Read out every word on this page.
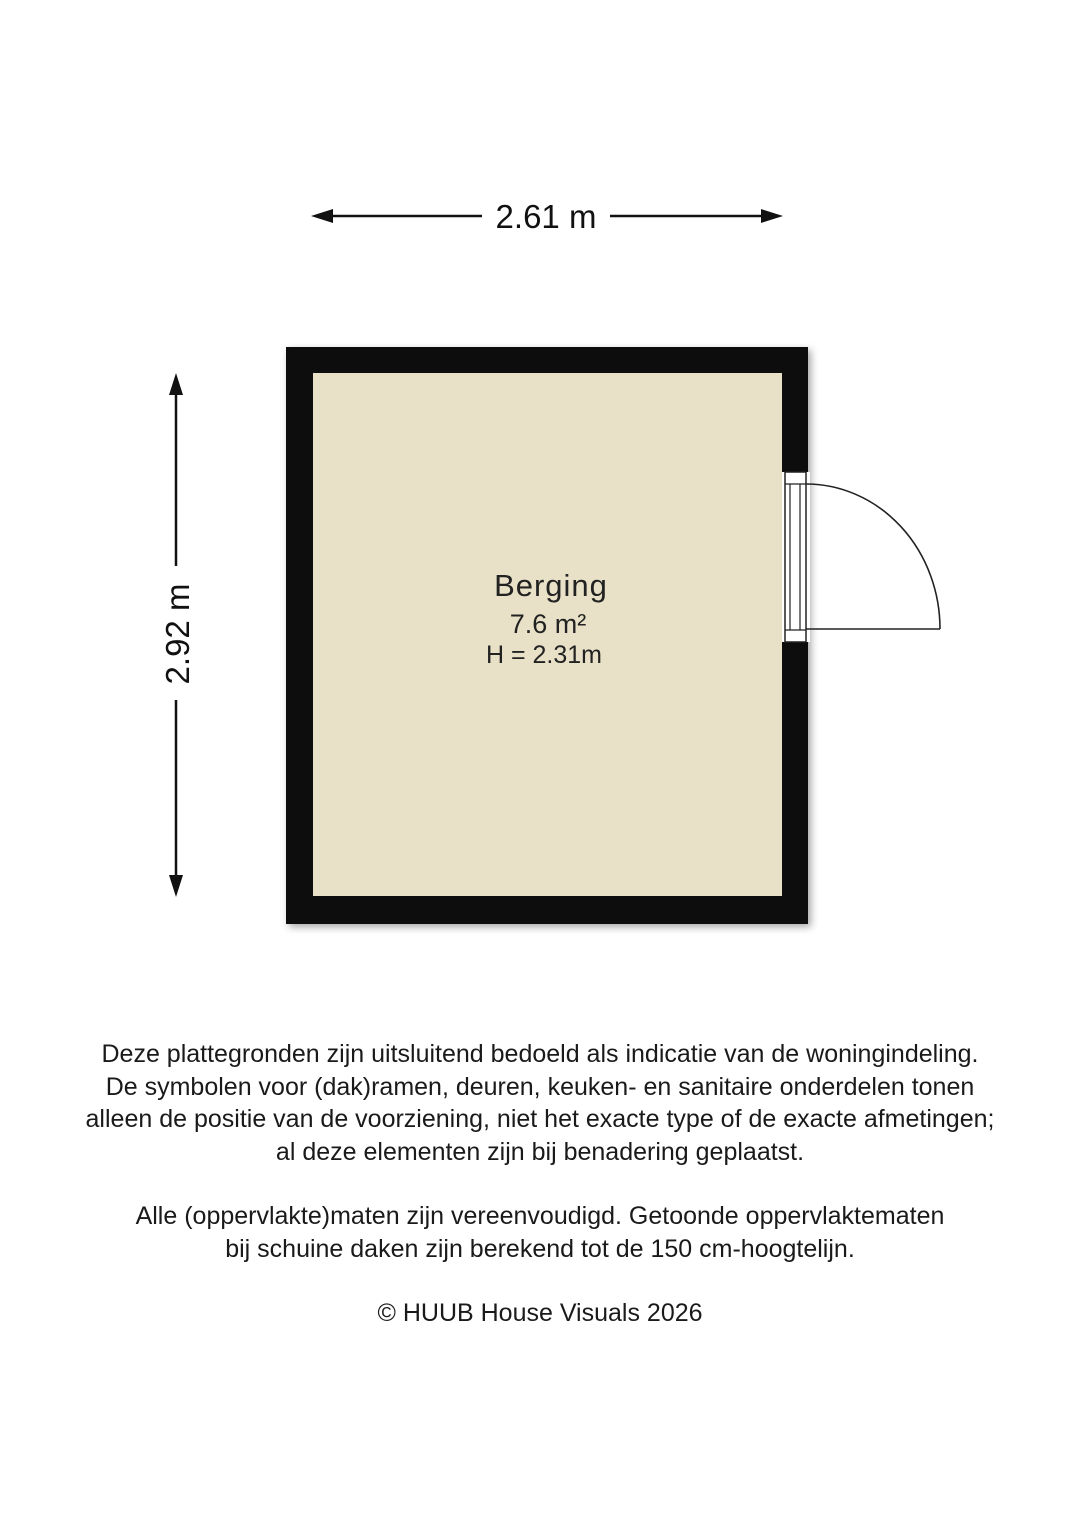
2.61 m
2.92 m	Berging
7.6 m²
H = 2.31m

Deze plattegronden zijn uitsluitend bedoeld als indicatie van de woningindeling.

De symbolen voor (dak)ramen, deuren, keuken- en sanitaire onderdelen tonen

alleen de positie van de voorziening, niet het exacte type of de exacte afmetingen;

al deze elementen zijn bij benadering geplaatst.

Alle (oppervlakte)maten zijn vereenvoudigd. Getoonde oppervlaktematen

bij schuine daken zijn berekend tot de 150 cm-hoogtelijn.

© HUUB House Visuals 2026
